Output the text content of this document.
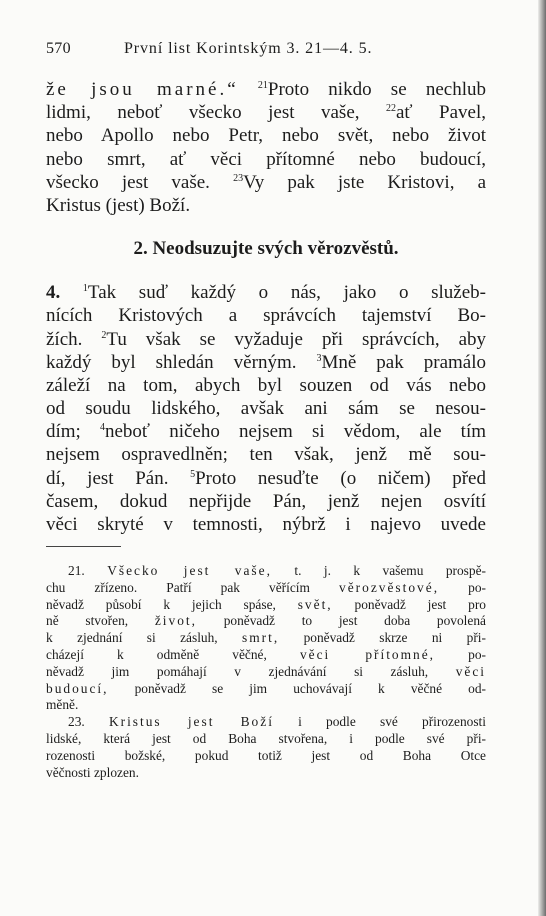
570	První list Korintským 3. 21—4. 5.
že jsou marné.“ $^{21}$Proto nikdo se nechlub
lidmi, neboť všecko jest vaše,	$^{22}$ať Pavel,
nebo Apollo nebo Petr, nebo svět, nebo život
nebo smrt, ať věci přítomné nebo budoucí,
všecko jest vaše. $^{23}$Vy pak jste Kristovi, a
Kristus (jest) Boží.
2. Neodsuzujte svých věrozvěstů.
4. $^1$Tak suď každý o nás, jako o služeb-
nících Kristových a správcích tajemství Bo-
žích. $^2$Tu však se vyžaduje při správcích, aby
každý byl shledán věrným. $^3$Mně pak pramálo
záleží na tom, abych byl souzen od vás nebo
od soudu lidského, avšak ani sám se nesou-
dím; $^4$neboť ničeho nejsem si vědom, ale tím
nejsem ospravedlněn; ten však, jenž mě sou-
dí, jest Pán. $^5$Proto nesuďte (o ničem) před
časem, dokud nepřijde Pán, jenž nejen osvítí
věci skryté v temnosti, nýbrž i najevo uvede
21. Všecko jest vaše, t. j. k vašemu prospě-
chu zřízeno. Patří pak věřícím věrozvěstové, po-
něvadž působí k jejich spáse, svět, poněvadž jest pro
ně stvořen, život, poněvadž to jest doba povolená
k zjednání si zásluh, smrt, poněvadž skrze ni při-
cházejí k odměně věčné, věci přítomné, po-
něvadž jim pomáhají v zjednávání si zásluh, věci
budoucí, poněvadž se jim uchovávají k věčné od-
měně.
23. Kristus jest Boží i podle své přirozenosti
lidské, která jest od Boha stvořena, i podle své při-
rozenosti božské, pokud totiž jest od Boha Otce
věčnosti zplozen.
